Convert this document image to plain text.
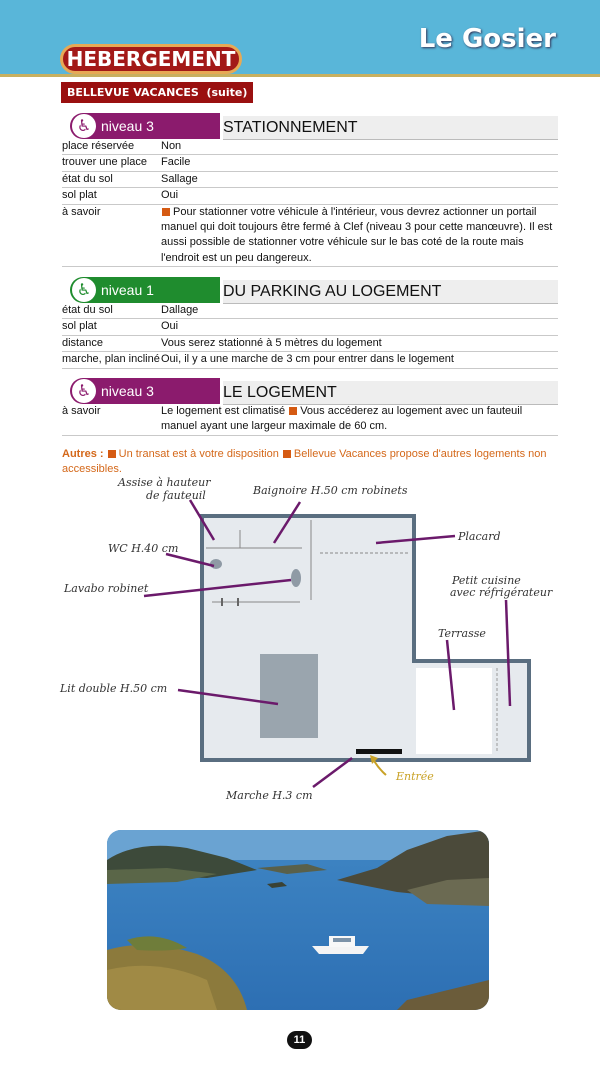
Le Gosier
HEBERGEMENT
BELLEVUE VACANCES  (suite)
♿ niveau 3	STATIONNEMENT
place réservée	Non
trouver une place	Facile
état du sol	Sallage
sol plat	Oui
à savoir	Pour stationner votre véhicule à l'intérieur, vous devrez actionner un portail manuel qui doit toujours être fermé à Clef (niveau 3 pour cette manœuvre). Il est aussi possible de stationner votre véhicule sur le bas coté de la route mais l'endroit est un peu dangereux.
♿ niveau 1	DU PARKING AU LOGEMENT
état du sol	Dallage
sol plat	Oui
distance	Vous serez stationné à 5 mètres du logement
marche, plan incliné Oui, il y a une marche de 3 cm pour entrer dans le logement
♿ niveau 3	LE LOGEMENT
à savoir	Le logement est climatisé Vous accéderez au logement avec un fauteuil manuel ayant une largeur maximale de 60 cm.
Autres : Un transat est à votre disposition Bellevue Vacances propose d'autres logements non accessibles.
Assise à hauteur
de fauteuil	Baignoire H.50 cm robinets
Placard
WC H.40 cm
Lavabo robinet
Petit cuisine
avec réfrigérateur
Terrasse
Lit double H.50 cm
Entrée
Marche H.3 cm
11
